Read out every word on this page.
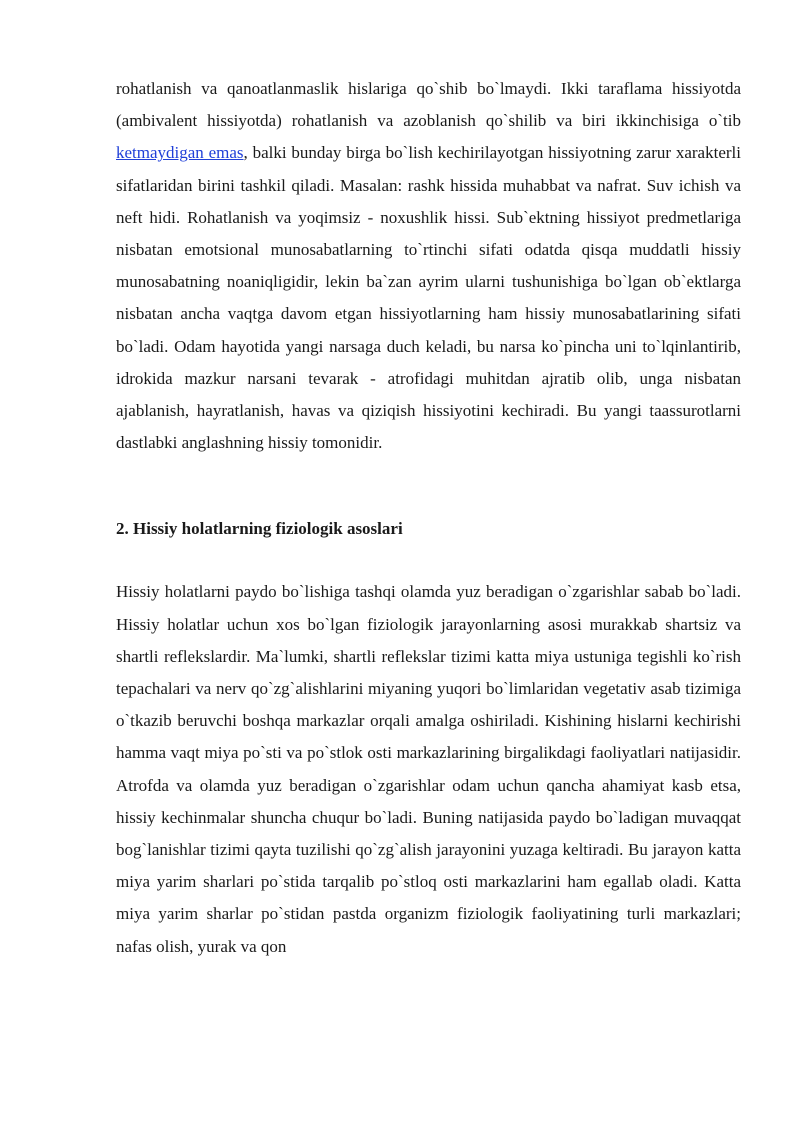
rohatlanish va qanoatlanmaslik hislariga qo`shib bo`lmaydi. Ikki taraflama hissiyotda (ambivalent hissiyotda) rohatlanish va azoblanish qo`shilib va biri ikkinchisiga o`tib ketmaydigan emas, balki bunday birga bo`lish kechirilayotgan hissiyotning zarur xarakterli sifatlaridan birini tashkil qiladi. Masalan: rashk hissida muhabbat va nafrat. Suv ichish va neft hidi. Rohatlanish va yoqimsiz - noxushlik hissi. Sub`ektning hissiyot predmetlariga nisbatan emotsional munosabatlarning to`rtinchi sifati odatda qisqa muddatli hissiy munosabatning noaniqligidir, lekin ba`zan ayrim ularni tushunishiga bo`lgan ob`ektlarga nisbatan ancha vaqtga davom etgan hissiyotlarning ham hissiy munosabatlarining sifati bo`ladi. Odam hayotida yangi narsaga duch keladi, bu narsa ko`pincha uni to`lqinlantirib, idrokida mazkur narsani tevarak - atrofidagi muhitdan ajratib olib, unga nisbatan ajablanish, hayratlanish, havas va qiziqish hissiyotini kechiradi. Bu yangi taassurotlarni dastlabki anglashning hissiy tomonidir.

2. Hissiy holatlarning fiziologik asoslari

Hissiy holatlarni paydo bo`lishiga tashqi olamda yuz beradigan o`zgarishlar sabab bo`ladi. Hissiy holatlar uchun xos bo`lgan fiziologik jarayonlarning asosi murakkab shartsiz va shartli reflekslardir. Ma`lumki, shartli reflekslar tizimi katta miya ustuniga tegishli ko`rish tepachalari va nerv qo`zg`alishlarini miyaning yuqori bo`limlaridan vegetativ asab tizimiga o`tkazib beruvchi boshqa markazlar orqali amalga oshiriladi. Kishining hislarni kechirishi hamma vaqt miya po`sti va po`stlok osti markazlarining birgalikdagi faoliyatlari natijasidir. Atrofda va olamda yuz beradigan o`zgarishlar odam uchun qancha ahamiyat kasb etsa, hissiy kechinmalar shuncha chuqur bo`ladi. Buning natijasida paydo bo`ladigan muvaqqat bog`lanishlar tizimi qayta tuzilishi qo`zg`alish jarayonini yuzaga keltiradi. Bu jarayon katta miya yarim sharlari po`stida tarqalib po`stloq osti markazlarini ham egallab oladi. Katta miya yarim sharlar po`stidan pastda organizm fiziologik faoliyatining turli markazlari; nafas olish, yurak va qon
